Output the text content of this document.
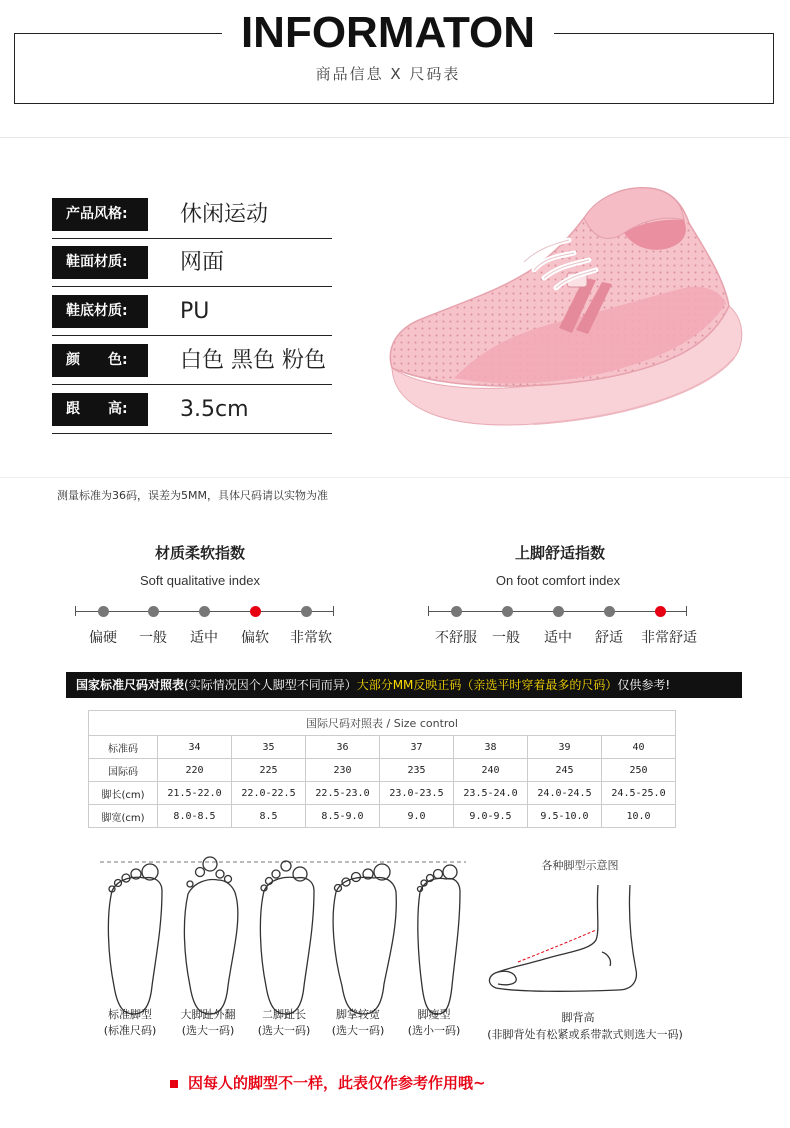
INFORMATON
商品信息 X 尺码表
产品风格:	休闲运动
鞋面材质:	网面
鞋底材质:	PU
颜　　色:	白色 黑色 粉色
跟　　高:	3.5cm
测量标准为36码，误差为5MM，具体尺码请以实物为准
材质柔软指数
Soft qualitative index
偏硬	一般	适中	偏软	非常软
上脚舒适指数
On foot comfort index
不舒服	一般	适中	舒适	非常舒适
国家标准尺码对照表(实际情况因个人脚型不同而异）大部分MM反映正码（亲选平时穿着最多的尺码）仅供参考!
国际尺码对照表 / Size control							
标准码	34	35	36	37	38	39	40
国际码	220	225	230	235	240	245	250
脚长(cm)	21.5-22.0	22.0-22.5	22.5-23.0	23.0-23.5	23.5-24.0	24.0-24.5	24.5-25.0
脚宽(cm)	8.0-8.5	8.5	8.5-9.0	9.0	9.0-9.5	9.5-10.0	10.0
标准脚型
(标准尺码)
大脚趾外翻
(选大一码)
二脚趾长
(选大一码)
脚掌较宽
(选大一码)
脚瘦型
(选小一码)
各种脚型示意图
脚背高
(非脚背处有松紧或系带款式则选大一码)
因每人的脚型不一样，此表仅作参考作用哦~
